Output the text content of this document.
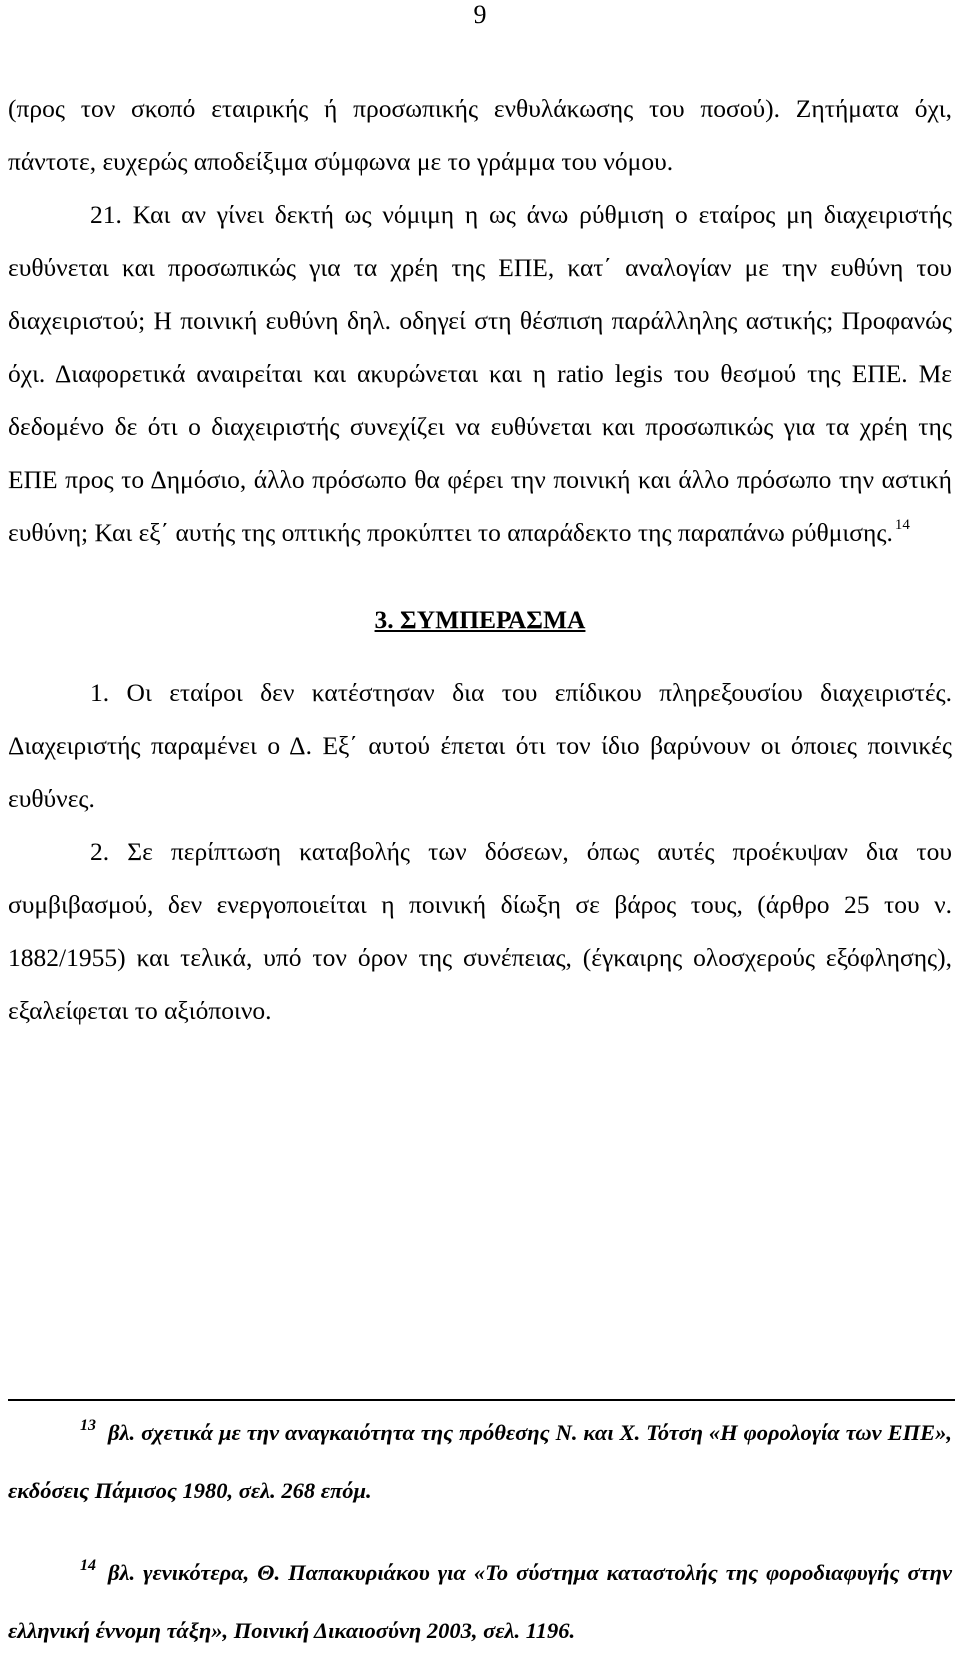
9

(προς τον σκοπό εταιρικής ή προσωπικής ενθυλάκωσης του ποσού). Ζητήματα όχι, πάντοτε, ευχερώς αποδείξιμα σύμφωνα με το γράμμα του νόμου.

21. Και αν γίνει δεκτή ως νόμιμη η ως άνω ρύθμιση ο εταίρος μη διαχειριστής ευθύνεται και προσωπικώς για τα χρέη της ΕΠΕ, κατ΄ αναλογίαν με την ευθύνη του διαχειριστού; Η ποινική ευθύνη δηλ. οδηγεί στη θέσπιση παράλληλης αστικής; Προφανώς όχι. Διαφορετικά αναιρείται και ακυρώνεται και η ratio legis του θεσμού της ΕΠΕ. Με δεδομένο δε ότι ο διαχειριστής συνεχίζει να ευθύνεται και προσωπικώς για τα χρέη της ΕΠΕ προς το Δημόσιο, άλλο πρόσωπο θα φέρει την ποινική και άλλο πρόσωπο την αστική ευθύνη; Και εξ΄ αυτής της οπτικής προκύπτει το απαράδεκτο της παραπάνω ρύθμισης. $^{14}$

3. ΣΥΜΠΕΡΑΣΜΑ

1. Οι εταίροι δεν κατέστησαν δια του επίδικου πληρεξουσίου διαχειριστές. Διαχειριστής παραμένει ο Δ. Εξ΄ αυτού έπεται ότι τον ίδιο βαρύνουν οι όποιες ποινικές ευθύνες.

2. Σε περίπτωση καταβολής των δόσεων, όπως αυτές προέκυψαν δια του συμβιβασμού, δεν ενεργοποιείται η ποινική δίωξη σε βάρος τους, (άρθρο 25 του ν. 1882/1955) και τελικά, υπό τον όρον της συνέπειας, (έγκαιρης ολοσχερούς εξόφλησης), εξαλείφεται το αξιόποινο.

$^{13}$ βλ. σχετικά με την αναγκαιότητα της πρόθεσης Ν. και Χ. Τότση «Η φορολογία των ΕΠΕ», εκδόσεις Πάμισος 1980, σελ. 268 επόμ.

$^{14}$ βλ. γενικότερα, Θ. Παπακυριάκου για «Το σύστημα καταστολής της φοροδιαφυγής στην ελληνική έννομη τάξη», Ποινική Δικαιοσύνη 2003, σελ. 1196.
